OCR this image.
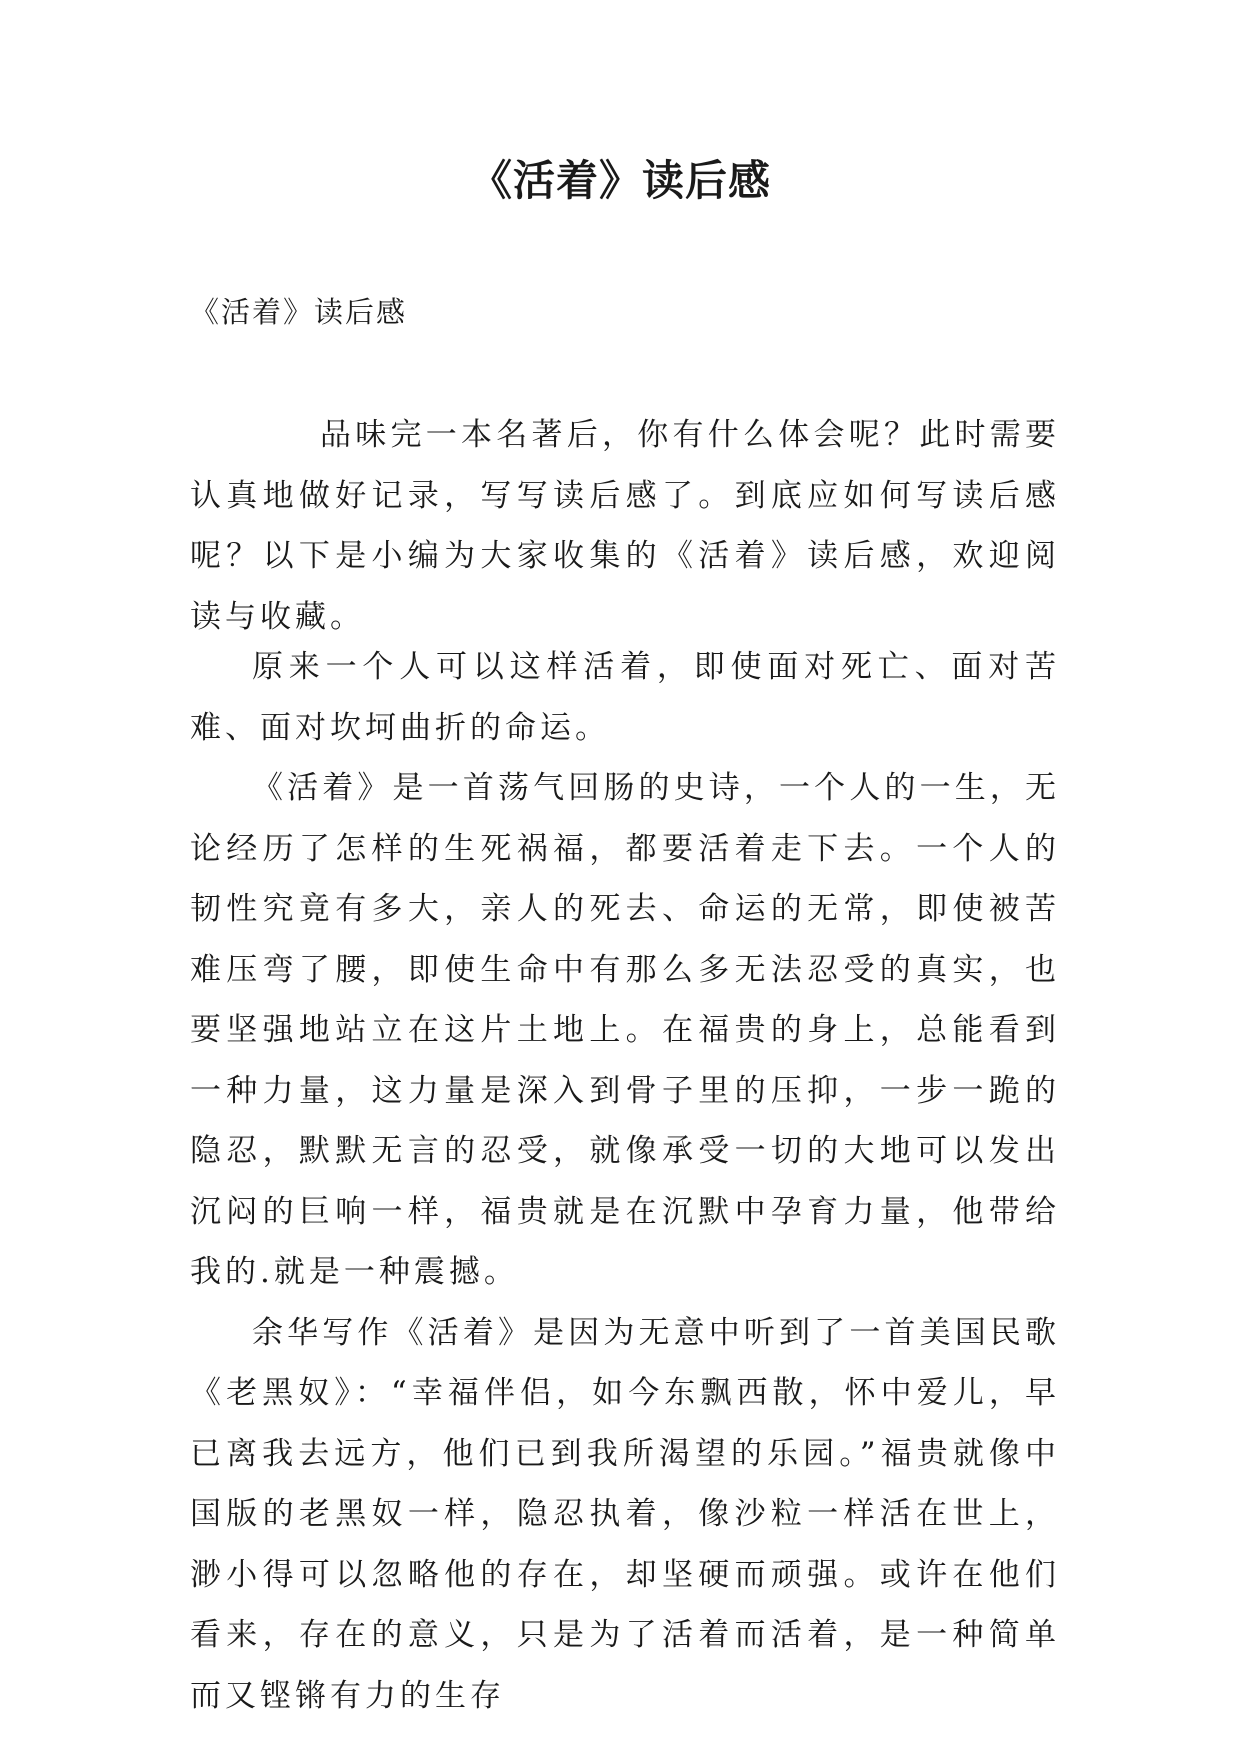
《活着》读后感

《活着》读后感

品味完一本名著后，你有什么体会呢？此时需要认真地做好记录，写写读后感了。到底应如何写读后感呢？以下是小编为大家收集的《活着》读后感，欢迎阅读与收藏。

原来一个人可以这样活着，即使面对死亡、面对苦难、面对坎坷曲折的命运。

《活着》是一首荡气回肠的史诗，一个人的一生，无论经历了怎样的生死祸福，都要活着走下去。一个人的韧性究竟有多大，亲人的死去、命运的无常，即使被苦难压弯了腰，即使生命中有那么多无法忍受的真实，也要坚强地站立在这片土地上。在福贵的身上，总能看到一种力量，这力量是深入到骨子里的压抑，一步一跪的隐忍，默默无言的忍受，就像承受一切的大地可以发出沉闷的巨响一样，福贵就是在沉默中孕育力量，他带给我的.就是一种震撼。

余华写作《活着》是因为无意中听到了一首美国民歌《老黑奴》：“幸福伴侣，如今东飘西散，怀中爱儿，早已离我去远方，他们已到我所渴望的乐园。”福贵就像中国版的老黑奴一样，隐忍执着，像沙粒一样活在世上，渺小得可以忽略他的存在，却坚硬而顽强。或许在他们看来，存在的意义，只是为了活着而活着，是一种简单而又铿锵有力的生存
